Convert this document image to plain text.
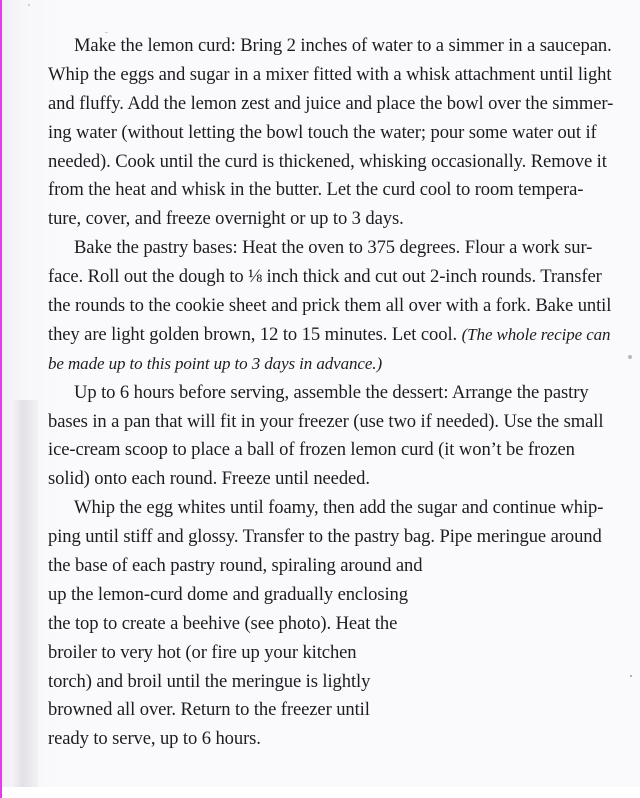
Make the lemon curd: Bring 2 inches of water to a simmer in a saucepan.
Whip the eggs and sugar in a mixer fitted with a whisk attachment until light
and fluffy. Add the lemon zest and juice and place the bowl over the simmer-
ing water (without letting the bowl touch the water; pour some water out if
needed). Cook until the curd is thickened, whisking occasionally. Remove it
from the heat and whisk in the butter. Let the curd cool to room tempera-
ture, cover, and freeze overnight or up to 3 days.
Bake the pastry bases: Heat the oven to 375 degrees. Flour a work sur-
face. Roll out the dough to ⅛ inch thick and cut out 2-inch rounds. Transfer
the rounds to the cookie sheet and prick them all over with a fork. Bake until
they are light golden brown, 12 to 15 minutes. Let cool. (The whole recipe can
be made up to this point up to 3 days in advance.)
Up to 6 hours before serving, assemble the dessert: Arrange the pastry
bases in a pan that will fit in your freezer (use two if needed). Use the small
ice-cream scoop to place a ball of frozen lemon curd (it won’t be frozen
solid) onto each round. Freeze until needed.
Whip the egg whites until foamy, then add the sugar and continue whip-
ping until stiff and glossy. Transfer to the pastry bag. Pipe meringue around
the base of each pastry round, spiraling around and
up the lemon-curd dome and gradually enclosing
the top to create a beehive (see photo). Heat the
broiler to very hot (or fire up your kitchen
torch) and broil until the meringue is lightly
browned all over. Return to the freezer until
ready to serve, up to 6 hours.
